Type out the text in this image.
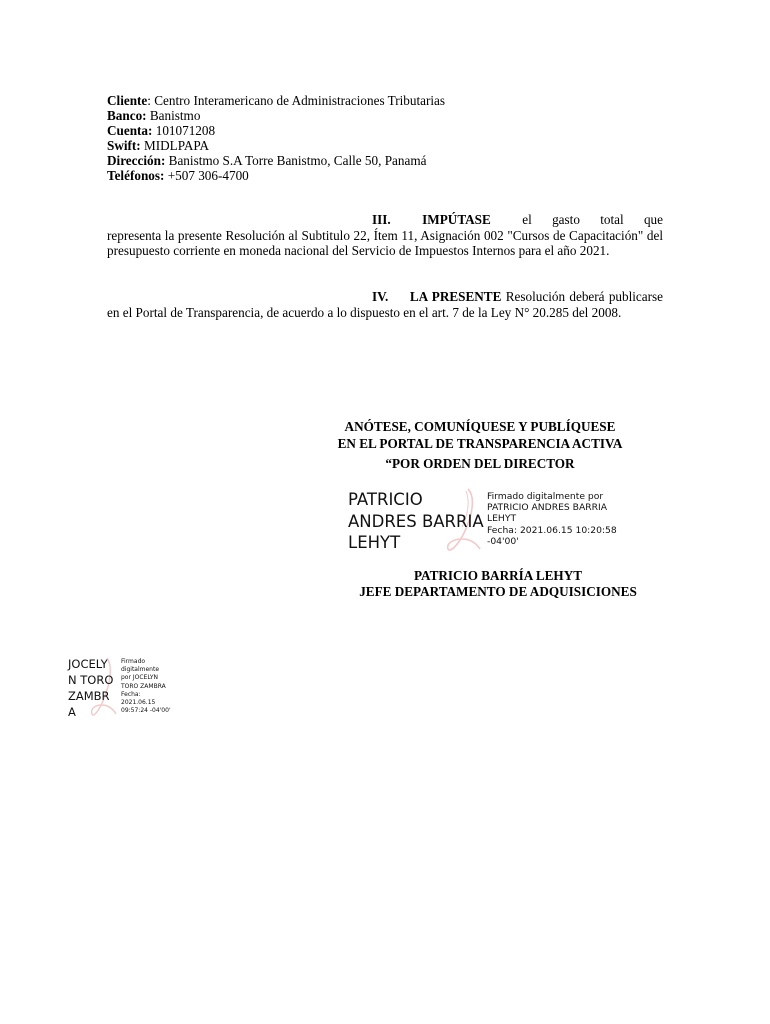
Cliente: Centro Interamericano de Administraciones Tributarias
Banco: Banistmo
Cuenta: 101071208
Swift: MIDLPAPA
Dirección: Banistmo S.A Torre Banistmo, Calle 50, Panamá
Teléfonos: +507 306-4700
III. IMPÚTASE el gasto total que representa la presente Resolución al Subtitulo 22, Ítem 11, Asignación 002 "Cursos de Capacitación" del presupuesto corriente en moneda nacional del Servicio de Impuestos Internos para el año 2021.
IV. LA PRESENTE Resolución deberá publicarse en el Portal de Transparencia, de acuerdo a lo dispuesto en el art. 7 de la Ley N° 20.285 del 2008.
ANÓTESE, COMUNÍQUESE Y PUBLÍQUESE
EN EL PORTAL DE TRANSPARENCIA ACTIVA
“POR ORDEN DEL DIRECTOR
PATRICIO
ANDRES BARRIA
LEHYT
Firmado digitalmente por
PATRICIO ANDRES BARRIA
LEHYT
Fecha: 2021.06.15 10:20:58
-04'00'
PATRICIO BARRÍA LEHYT
JEFE DEPARTAMENTO DE ADQUISICIONES
JOCELY
N TORO
ZAMBR
A
Firmado
digitalmente
por JOCELYN
TORO ZAMBRA
Fecha:
2021.06.15
09:57:24 -04'00'
